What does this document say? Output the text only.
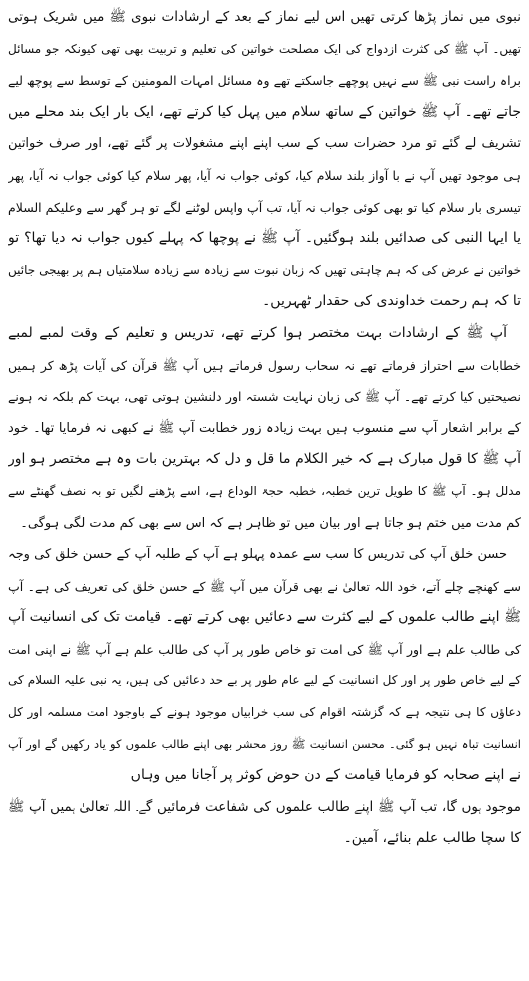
نبوی میں نماز پڑھا کرتی تھیں اس لیے نماز کے بعد کے ارشادات نبوی ﷺ میں شریک ہوتی
تھیں۔ آپ ﷺ کی کثرت ازدواج کی ایک مصلحت خواتین کی تعلیم و تربیت بھی تھی کیونکہ جو مسائل
براہ راست نبی ﷺ سے نہیں پوچھے جاسکتے تھے وہ مسائل امہات المومنین کے توسط سے پوچھ لیے
جاتے تھے۔ آپ ﷺ خواتین کے ساتھ سلام میں پہل کیا کرتے تھے، ایک بار ایک بند محلے میں
تشریف لے گئے تو مرد حضرات سب کے سب اپنے اپنے مشغولات پر گئے تھے، اور صرف خواتین
ہی موجود تھیں آپ نے با آواز بلند سلام کیا، کوئی جواب نہ آیا، پھر سلام کیا کوئی جواب نہ آیا، پھر
تیسری بار سلام کیا تو بھی کوئی جواب نہ آیا، تب آپ واپس لوٹنے لگے تو ہر گھر سے وعلیکم السلام
یا ایہا النبی کی صدائیں بلند ہوگئیں۔ آپ ﷺ نے پوچھا کہ پہلے کیوں جواب نہ دیا تھا؟ تو
خواتین نے عرض کی کہ ہم چاہتی تھیں کہ زبان نبوت سے زیادہ سے زیادہ سلامتیاں ہم پر بھیجی جائیں
تا کہ ہم رحمت خداوندی کی حقدار ٹھہریں۔
آپ ﷺ کے ارشادات بہت مختصر ہوا کرتے تھے، تدریس و تعلیم کے وقت لمبے لمبے
خطابات سے احتراز فرماتے تھے نہ سحاب رسول فرماتے ہیں آپ ﷺ قرآن کی آیات پڑھ کر ہمیں
نصیحتیں کیا کرتے تھے۔ آپ ﷺ کی زبان نہایت شستہ اور دلنشین ہوتی تھی، بہت کم بلکہ نہ ہونے
کے برابر اشعار آپ سے منسوب ہیں بہت زیادہ زور خطابت آپ ﷺ نے کبھی نہ فرمایا تھا۔ خود
آپ ﷺ کا قول مبارک ہے کہ خیر الکلام ما قل و دل کہ بہترین بات وہ ہے مختصر ہو اور
مدلل ہو۔ آپ ﷺ کا طویل ترین خطبہ، خطبہ حجۃ الوداع ہے، اسے پڑھنے لگیں تو بہ نصف گھنٹے سے
کم مدت میں ختم ہو جاتا ہے اور بیان میں تو ظاہر ہے کہ اس سے بھی کم مدت لگی ہوگی۔
حسن خلق آپ کی تدریس کا سب سے عمدہ پہلو ہے آپ کے طلبہ آپ کے حسن خلق کی وجہ
سے کھنچے چلے آتے، خود اللہ تعالیٰ نے بھی قرآن میں آپ ﷺ کے حسن خلق کی تعریف کی ہے۔ آپ
ﷺ اپنے طالب علموں کے لیے کثرت سے دعائیں بھی کرتے تھے۔ قیامت تک کی انسانیت آپ
کی طالب علم ہے اور آپ ﷺ کی امت تو خاص طور پر آپ کی طالب علم ہے آپ ﷺ نے اپنی امت
کے لیے خاص طور پر اور کل انسانیت کے لیے عام طور پر بے حد دعائیں کی ہیں، یہ نبی علیہ السلام کی
دعاؤں کا ہی نتیجہ ہے کہ گزشتہ اقوام کی سب خرابیاں موجود ہونے کے باوجود امت مسلمہ اور کل
انسانیت تباہ نہیں ہو گئی۔ محسن انسانیت ﷺ روز محشر بھی اپنے طالب علموں کو یاد رکھیں گے اور آپ
نے اپنے صحابہ کو فرمایا قیامت کے دن حوض کوثر پر آجانا میں وہاں
موجود ہوں گا، تب آپ ﷺ اپنے طالب علموں کی شفاعت فرمائیں گے۔ اللہ تعالیٰ ہمیں آپ ﷺ
کا سچا طالب علم بنائے، آمین۔
